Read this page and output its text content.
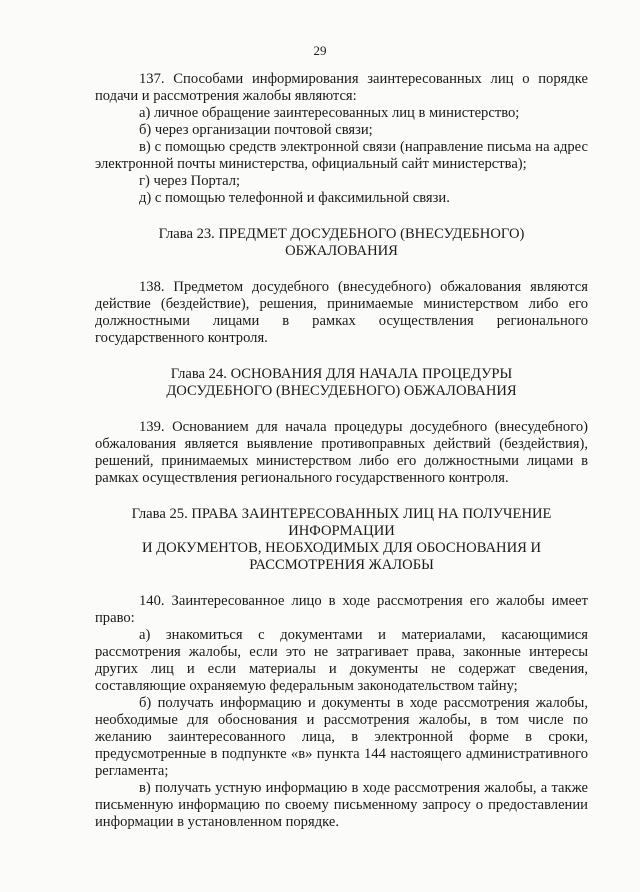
29

137. Способами информирования заинтересованных лиц о порядке подачи и рассмотрения жалобы являются:

а) личное обращение заинтересованных лиц в министерство;

б) через организации почтовой связи;

в) с помощью средств электронной связи (направление письма на адрес электронной почты министерства, официальный сайт министерства);

г) через Портал;

д) с помощью телефонной и факсимильной связи.

Глава 23. ПРЕДМЕТ ДОСУДЕБНОГО (ВНЕСУДЕБНОГО)

ОБЖАЛОВАНИЯ

138. Предметом досудебного (внесудебного) обжалования являются действие (бездействие), решения, принимаемые министерством либо его должностными лицами в рамках осуществления регионального государственного контроля.

Глава 24. ОСНОВАНИЯ ДЛЯ НАЧАЛА ПРОЦЕДУРЫ

ДОСУДЕБНОГО (ВНЕСУДЕБНОГО) ОБЖАЛОВАНИЯ

139. Основанием для начала процедуры досудебного (внесудебного) обжалования является выявление противоправных действий (бездействия), решений, принимаемых министерством либо его должностными лицами в рамках осуществления регионального государственного контроля.

Глава 25. ПРАВА ЗАИНТЕРЕСОВАННЫХ ЛИЦ НА ПОЛУЧЕНИЕ

ИНФОРМАЦИИ

И ДОКУМЕНТОВ, НЕОБХОДИМЫХ ДЛЯ ОБОСНОВАНИЯ И

РАССМОТРЕНИЯ ЖАЛОБЫ

140. Заинтересованное лицо в ходе рассмотрения его жалобы имеет право:

а) знакомиться с документами и материалами, касающимися рассмотрения жалобы, если это не затрагивает права, законные интересы других лиц и если материалы и документы не содержат сведения, составляющие охраняемую федеральным законодательством тайну;

б) получать информацию и документы в ходе рассмотрения жалобы, необходимые для обоснования и рассмотрения жалобы, в том числе по желанию заинтересованного лица, в электронной форме в сроки, предусмотренные в подпункте «в» пункта 144 настоящего административного регламента;

в) получать устную информацию в ходе рассмотрения жалобы, а также письменную информацию по своему письменному запросу о предоставлении информации в установленном порядке.
